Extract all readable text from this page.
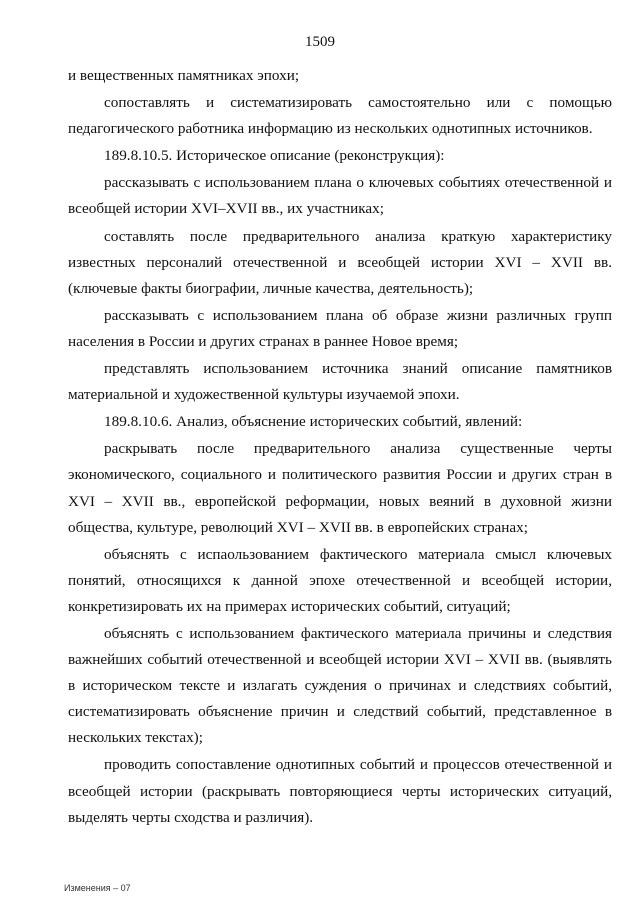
1509

и вещественных памятниках эпохи;

сопоставлять и систематизировать самостоятельно или с помощью педагогического работника информацию из нескольких однотипных источников.

189.8.10.5. Историческое описание (реконструкция):

рассказывать с использованием плана о ключевых событиях отечественной и всеобщей истории XVI–XVII вв., их участниках;

составлять после предварительного анализа краткую характеристику известных персоналий отечественной и всеобщей истории XVI – XVII вв. (ключевые факты биографии, личные качества, деятельность);

рассказывать с использованием плана об образе жизни различных групп населения в России и других странах в раннее Новое время;

представлять использованием источника знаний описание памятников материальной и художественной культуры изучаемой эпохи.

189.8.10.6. Анализ, объяснение исторических событий, явлений:

раскрывать после предварительного анализа существенные черты экономического, социального и политического развития России и других стран в XVI – XVII вв., европейской реформации, новых веяний в духовной жизни общества, культуре, революций XVI – XVII вв. в европейских странах;

объяснять с испаользованием фактического материала смысл ключевых понятий, относящихся к данной эпохе отечественной и всеобщей истории, конкретизировать их на примерах исторических событий, ситуаций;

объяснять с использованием фактического материала причины и следствия важнейших событий отечественной и всеобщей истории XVI – XVII вв. (выявлять в историческом тексте и излагать суждения о причинах и следствиях событий, систематизировать объяснение причин и следствий событий, представленное в нескольких текстах);

проводить сопоставление однотипных событий и процессов отечественной и всеобщей истории (раскрывать повторяющиеся черты исторических ситуаций, выделять черты сходства и различия).

Изменения – 07
